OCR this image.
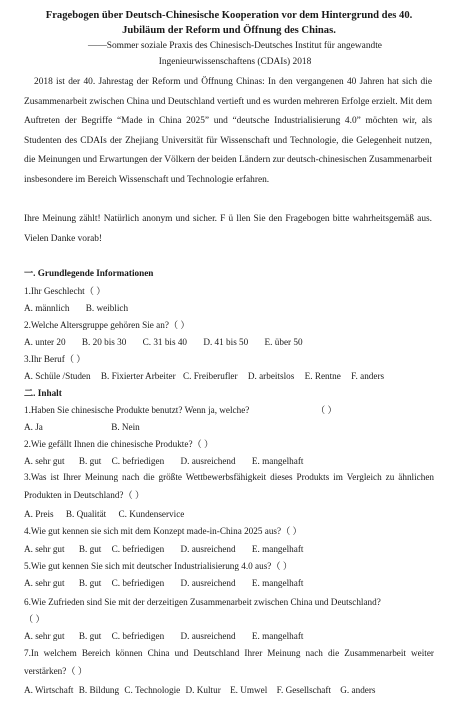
Fragebogen über Deutsch-Chinesische Kooperation vor dem Hintergrund des 40. Jubiläum der Reform und Öffnung des Chinas.
——Sommer soziale Praxis des Chinesisch-Deutsches Institut für angewandte
Ingenieurwissenschaftens (CDAIs) 2018
2018 ist der 40. Jahrestag der Reform und Öffnung Chinas: In den vergangenen 40 Jahren hat sich die Zusammenarbeit zwischen China und Deutschland vertieft und es wurden mehreren Erfolge erzielt. Mit dem Auftreten der Begriffe “Made in China 2025” und “deutsche Industrialisierung 4.0” möchten wir, als Studenten des CDAIs der Zhejiang Universität für Wissenschaft und Technologie, die Gelegenheit nutzen, die Meinungen und Erwartungen der Völkern der beiden Ländern zur deutsch-chinesischen Zusammenarbeit insbesondere im Bereich Wissenschaft und Technologie erfahren.
Ihre Meinung zählt! Natürlich anonym und sicher. F ü llen Sie den Fragebogen bitte wahrheitsgemäß aus. Vielen Danke vorab!
一. Grundlegende Informationen
1.Ihr Geschlecht（ ）
A. männlich B. weiblich
2.Welche Altersgruppe gehören Sie an?（ ）
A. unter 20 B. 20 bis 30 C. 31 bis 40 D. 41 bis 50 E. über 50
3.Ihr Beruf（ ）
A. Schüle /Studen B. Fixierter Arbeiter C. Freiberufler D. arbeitslos E. Rentne F. anders
二. Inhalt
1.Haben Sie chinesische Produkte benutzt? Wenn ja, welche?	（ ）
A. Ja	B. Nein
2.Wie gefällt Ihnen die chinesische Produkte?（ ）
A. sehr gut B. gut C. befriedigen D. ausreichend E. mangelhaft
3.Was ist Ihrer Meinung nach die größte Wettbewerbsfähigkeit dieses Produkts im Vergleich zu ähnlichen Produkten in Deutschland?（ ）
A. Preis B. Qualität C. Kundenservice
4.Wie gut kennen sie sich mit dem Konzept made-in-China 2025 aus?（ ）
A. sehr gut B. gut C. befriedigen D. ausreichend E. mangelhaft
5.Wie gut kennen Sie sich mit deutscher Industrialisierung 4.0 aus?（ ）
A. sehr gut B. gut C. befriedigen D. ausreichend E. mangelhaft
6.Wie Zufrieden sind Sie mit der derzeitigen Zusammenarbeit zwischen China und Deutschland?
（ ）
A. sehr gut B. gut C. befriedigen D. ausreichend E. mangelhaft
7.In welchem Bereich können China und Deutschland Ihrer Meinung nach die Zusammenarbeit weiter verstärken?（ ）
A. Wirtschaft B. Bildung C. Technologie D. Kultur E. Umwel F. Gesellschaft G. anders
